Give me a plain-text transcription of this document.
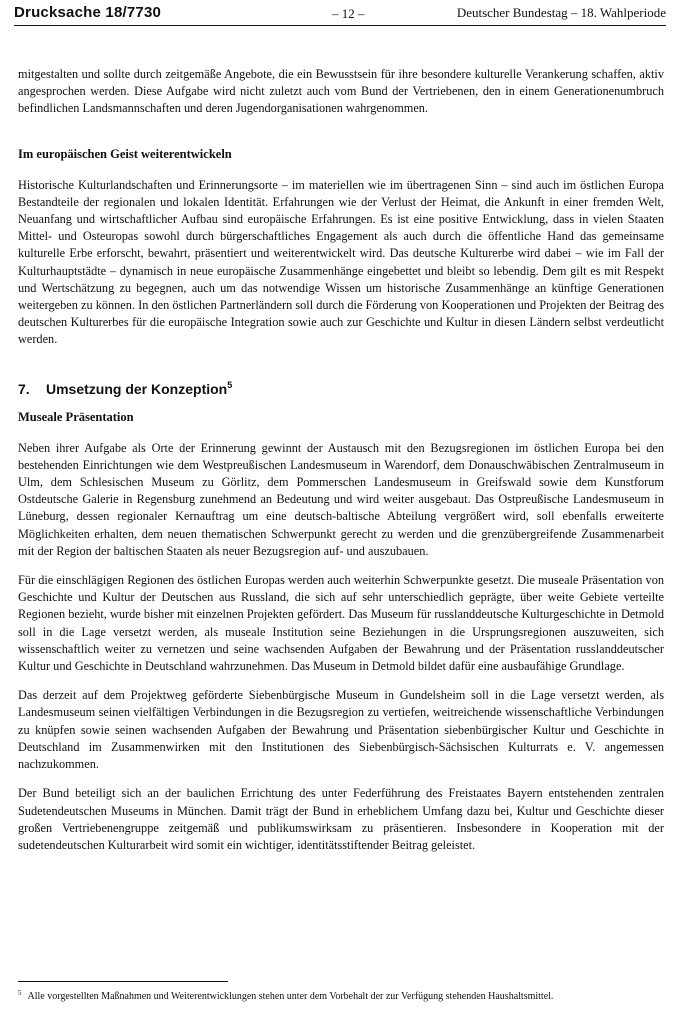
Drucksache 18/7730	– 12 –	Deutscher Bundestag – 18. Wahlperiode

mitgestalten und sollte durch zeitgemäße Angebote, die ein Bewusstsein für ihre besondere kulturelle Verankerung schaffen, aktiv angesprochen werden. Diese Aufgabe wird nicht zuletzt auch vom Bund der Vertriebenen, den in einem Generationenumbruch befindlichen Landsmannschaften und deren Jugendorganisationen wahrgenommen.

Im europäischen Geist weiterentwickeln

Historische Kulturlandschaften und Erinnerungsorte – im materiellen wie im übertragenen Sinn – sind auch im östlichen Europa Bestandteile der regionalen und lokalen Identität. Erfahrungen wie der Verlust der Heimat, die Ankunft in einer fremden Welt, Neuanfang und wirtschaftlicher Aufbau sind europäische Erfahrungen. Es ist eine positive Entwicklung, dass in vielen Staaten Mittel- und Osteuropas sowohl durch bürgerschaftliches Engagement als auch durch die öffentliche Hand das gemeinsame kulturelle Erbe erforscht, bewahrt, präsentiert und weiterentwickelt wird. Das deutsche Kulturerbe wird dabei – wie im Fall der Kulturhauptstädte – dynamisch in neue europäische Zusammenhänge eingebettet und bleibt so lebendig. Dem gilt es mit Respekt und Wertschätzung zu begegnen, auch um das notwendige Wissen um historische Zusammenhänge an künftige Generationen weitergeben zu können. In den östlichen Partnerländern soll durch die Förderung von Kooperationen und Projekten der Beitrag des deutschen Kulturerbes für die europäische Integration sowie auch zur Geschichte und Kultur in diesen Ländern selbst verdeutlicht werden.

7. Umsetzung der Konzeption$^5$
Museale Präsentation

Neben ihrer Aufgabe als Orte der Erinnerung gewinnt der Austausch mit den Bezugsregionen im östlichen Europa bei den bestehenden Einrichtungen wie dem Westpreußischen Landesmuseum in Warendorf, dem Donauschwäbischen Zentralmuseum in Ulm, dem Schlesischen Museum zu Görlitz, dem Pommerschen Landesmuseum in Greifswald sowie dem Kunstforum Ostdeutsche Galerie in Regensburg zunehmend an Bedeutung und wird weiter ausgebaut. Das Ostpreußische Landesmuseum in Lüneburg, dessen regionaler Kernauftrag um eine deutsch-baltische Abteilung vergrößert wird, soll ebenfalls erweiterte Möglichkeiten erhalten, dem neuen thematischen Schwerpunkt gerecht zu werden und die grenzübergreifende Zusammenarbeit mit der Region der baltischen Staaten als neuer Bezugsregion auf- und auszubauen.

Für die einschlägigen Regionen des östlichen Europas werden auch weiterhin Schwerpunkte gesetzt. Die museale Präsentation von Geschichte und Kultur der Deutschen aus Russland, die sich auf sehr unterschiedlich geprägte, über weite Gebiete verteilte Regionen bezieht, wurde bisher mit einzelnen Projekten gefördert. Das Museum für russlanddeutsche Kulturgeschichte in Detmold soll in die Lage versetzt werden, als museale Institution seine Beziehungen in die Ursprungsregionen auszuweiten, sich wissenschaftlich weiter zu vernetzen und seine wachsenden Aufgaben der Bewahrung und der Präsentation russlanddeutscher Kultur und Geschichte in Deutschland wahrzunehmen. Das Museum in Detmold bildet dafür eine ausbaufähige Grundlage.

Das derzeit auf dem Projektweg geförderte Siebenbürgische Museum in Gundelsheim soll in die Lage versetzt werden, als Landesmuseum seinen vielfältigen Verbindungen in die Bezugsregion zu vertiefen, weitreichende wissenschaftliche Verbindungen zu knüpfen sowie seinen wachsenden Aufgaben der Bewahrung und Präsentation siebenbürgischer Kultur und Geschichte in Deutschland im Zusammenwirken mit den Institutionen des Siebenbürgisch-Sächsischen Kulturrats e. V. angemessen nachzukommen.

Der Bund beteiligt sich an der baulichen Errichtung des unter Federführung des Freistaates Bayern entstehenden zentralen Sudetendeutschen Museums in München. Damit trägt der Bund in erheblichem Umfang dazu bei, Kultur und Geschichte dieser großen Vertriebenengruppe zeitgemäß und publikumswirksam zu präsentieren. Insbesondere in Kooperation mit der sudetendeutschen Kulturarbeit wird somit ein wichtiger, identitätsstiftender Beitrag geleistet.

$^5$ Alle vorgestellten Maßnahmen und Weiterentwicklungen stehen unter dem Vorbehalt der zur Verfügung stehenden Haushaltsmittel.
